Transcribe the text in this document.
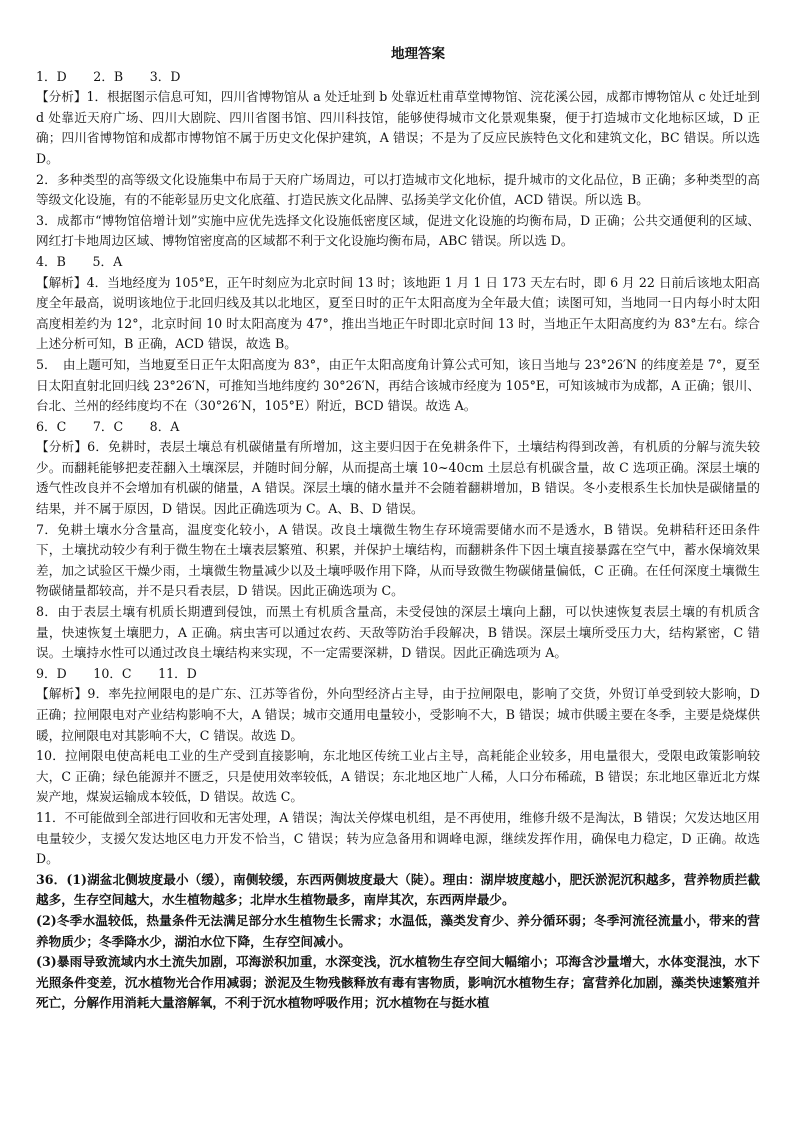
地理答案
1．D　 2．B　 3．D
【分析】1．根据图示信息可知，四川省博物馆从 a 处迁址到 b 处靠近杜甫草堂博物馆、浣花溪公园，成都市博物馆从 c 处迁址到 d 处靠近天府广场、四川大剧院、四川省图书馆、四川科技馆，能够使得城市文化景观集聚，便于打造城市文化地标区域，D 正确；四川省博物馆和成都市博物馆不属于历史文化保护建筑，A 错误；不是为了反应民族特色文化和建筑文化，BC 错误。所以选 D。
2．多种类型的高等级文化设施集中布局于天府广场周边，可以打造城市文化地标，提升城市的文化品位，B 正确；多种类型的高等级文化设施，有的不能彰显历史文化底蕴、打造民族文化品牌、弘扬美学文化价值，ACD 错误。所以选 B。
3．成都市“博物馆倍增计划”实施中应优先选择文化设施低密度区域，促进文化设施的均衡布局，D 正确；公共交通便利的区域、网红打卡地周边区域、博物馆密度高的区域都不利于文化设施均衡布局，ABC 错误。所以选 D。
4．B　 5．A
【解析】4．当地经度为 105°E，正午时刻应为北京时间 13 时；该地距 1 月 1 日 173 天左右时，即 6 月 22 日前后该地太阳高度全年最高，说明该地位于北回归线及其以北地区，夏至日时的正午太阳高度为全年最大值；读图可知，当地同一日内每小时太阳高度相差约为 12°，北京时间 10 时太阳高度为 47°，推出当地正午时即北京时间 13 时，当地正午太阳高度约为 83°左右。综合上述分析可知，B 正确，ACD 错误，故选 B。
5．　由上题可知，当地夏至日正午太阳高度为 83°，由正午太阳高度角计算公式可知，该日当地与 23°26′N 的纬度差是 7°，夏至日太阳直射北回归线 23°26′N，可推知当地纬度约 30°26′N，再结合该城市经度为 105°E，可知该城市为成都，A 正确；银川、台北、兰州的经纬度均不在（30°26′N，105°E）附近，BCD 错误。故选 A。
6．C　 7．C　 8．A
【分析】6．免耕时，表层土壤总有机碳储量有所增加，这主要归因于在免耕条件下，土壤结构得到改善，有机质的分解与流失较少。而翻耗能够把麦茬翻入土壤深层，并随时间分解，从而提高土壤 10~40cm 土层总有机碳含量，故 C 选项正确。深层土壤的透气性改良并不会增加有机碳的储量，A 错误。深层土壤的储水量并不会随着翻耕增加，B 错误。冬小麦根系生长加快是碳储量的结果，并不属于原因，D 错误。因此正确选项为 C。A、B、D 错误。
7．免耕土壤水分含量高，温度变化较小，A 错误。改良土壤微生物生存环境需要储水而不是透水，B 错误。免耕秸秆还田条件下，土壤扰动较少有利于微生物在土壤表层繁殖、积累，并保护土壤结构，而翻耕条件下因土壤直接暴露在空气中，蓄水保墒效果差，加之试验区干燥少雨，土壤微生物量减少以及土壤呼吸作用下降，从而导致微生物碳储量偏低，C 正确。在任何深度土壤微生物碳储量都较高，并不是只看表层，D 错误。因此正确选项为 C。
8．由于表层土壤有机质长期遭到侵蚀，而黑土有机质含量高，未受侵蚀的深层土壤向上翻，可以快速恢复表层土壤的有机质含量，快速恢复土壤肥力，A 正确。病虫害可以通过农药、天敌等防治手段解决，B 错误。深层土壤所受压力大，结构紧密，C 错误。土壤持水性可以通过改良土壤结构来实现，不一定需要深耕，D 错误。因此正确选项为 A。
9．D　 10．C　 11．D
【解析】9．率先拉闸限电的是广东、江苏等省份，外向型经济占主导，由于拉闸限电，影响了交货，外贸订单受到较大影响，D 正确；拉闸限电对产业结构影响不大，A 错误；城市交通用电量较小，受影响不大，B 错误；城市供暖主要在冬季，主要是烧煤供暖，拉闸限电对其影响不大，C 错误。故选 D。
10．拉闸限电使高耗电工业的生产受到直接影响，东北地区传统工业占主导，高耗能企业较多，用电量很大，受限电政策影响较大，C 正确；绿色能源并不匮乏，只是使用效率较低，A 错误；东北地区地广人稀，人口分布稀疏，B 错误；东北地区靠近北方煤炭产地，煤炭运输成本较低，D 错误。故选 C。
11．不可能做到全部进行回收和无害处理，A 错误；淘汰关停煤电机组，是不再使用，维修升级不是淘汰，B 错误；欠发达地区用电量较少，支援欠发达地区电力开发不恰当，C 错误；转为应急备用和调峰电源，继续发挥作用，确保电力稳定，D 正确。故选 D。
36．(1)湖盆北侧坡度最小（缓），南侧较缓，东西两侧坡度最大（陡）。理由：湖岸坡度越小，肥沃淤泥沉积越多，营养物质拦截越多，生存空间越大，水生植物越多；北岸水生植物最多，南岸其次，东西两岸最少。
(2)冬季水温较低，热量条件无法满足部分水生植物生长需求；水温低，藻类发育少、养分循环弱；冬季河流径流量小，带来的营养物质少；冬季降水少，湖泊水位下降，生存空间减小。
(3)暴雨导致流域内水土流失加剧，邛海淤积加重，水深变浅，沉水植物生存空间大幅缩小；邛海含沙量增大，水体变混浊，水下光照条件变差，沉水植物光合作用减弱；淤泥及生物残骸释放有毒有害物质，影响沉水植物生存；富营养化加剧，藻类快速繁殖并死亡，分解作用消耗大量溶解氧，不利于沉水植物呼吸作用；沉水植物在与挺水植
